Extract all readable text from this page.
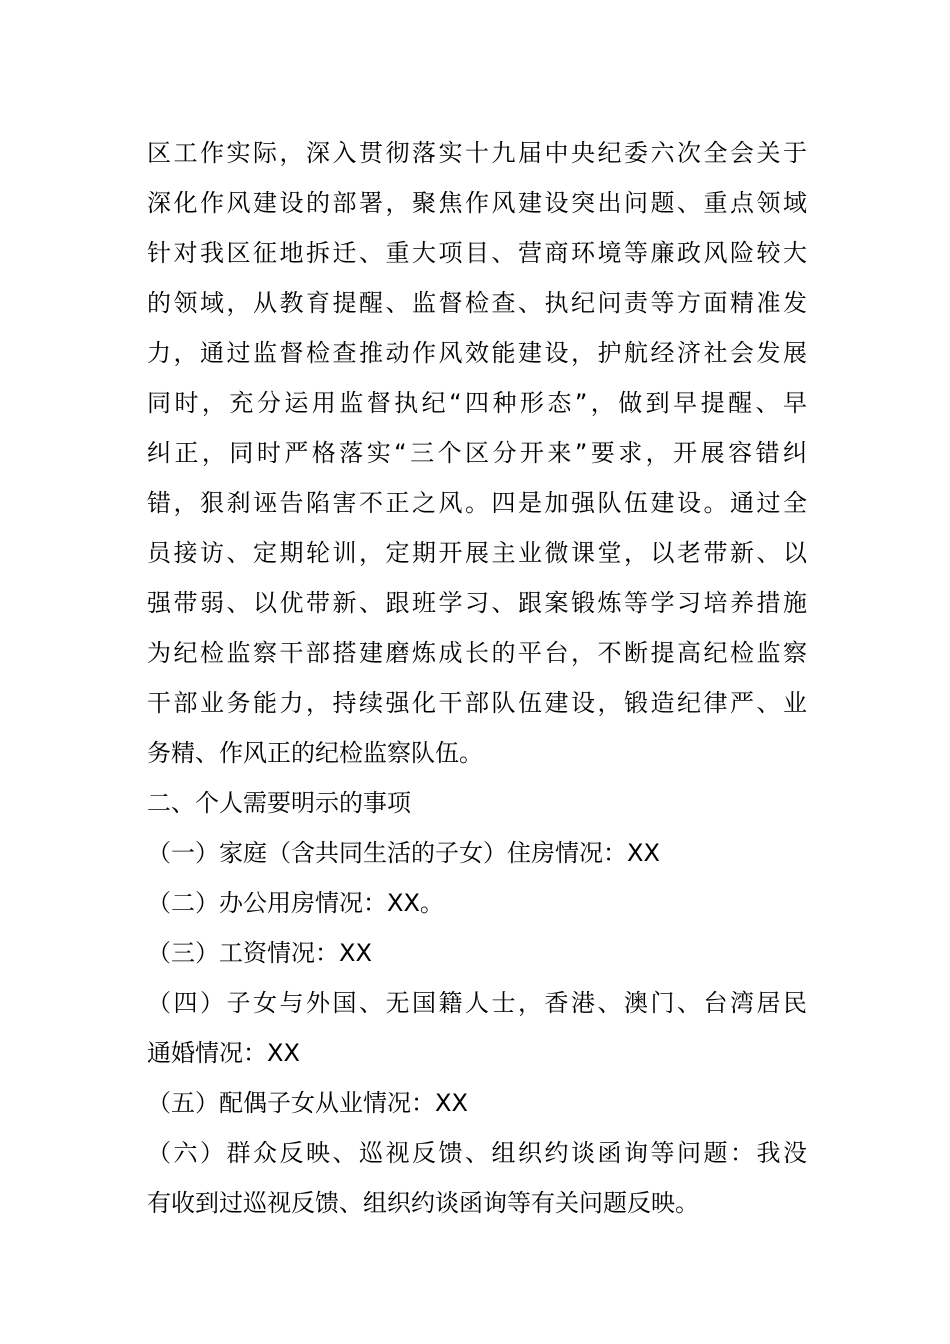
区工作实际，深入贯彻落实十九届中央纪委六次全会关于
深化作风建设的部署，聚焦作风建设突出问题、重点领域
针对我区征地拆迁、重大项目、营商环境等廉政风险较大
的领域，从教育提醒、监督检查、执纪问责等方面精准发
力，通过监督检查推动作风效能建设，护航经济社会发展
同时，充分运用监督执纪“四种形态”，做到早提醒、早
纠正，同时严格落实“三个区分开来”要求，开展容错纠
错，狠刹诬告陷害不正之风。四是加强队伍建设。通过全
员接访、定期轮训，定期开展主业微课堂，以老带新、以
强带弱、以优带新、跟班学习、跟案锻炼等学习培养措施
为纪检监察干部搭建磨炼成长的平台，不断提高纪检监察
干部业务能力，持续强化干部队伍建设，锻造纪律严、业
务精、作风正的纪检监察队伍。
二、个人需要明示的事项
（一）家庭（含共同生活的子女）住房情况：XX
（二）办公用房情况：XX。
（三）工资情况：XX
（四）子女与外国、无国籍人士，香港、澳门、台湾居民
通婚情况：XX
（五）配偶子女从业情况：XX
（六）群众反映、巡视反馈、组织约谈函询等问题：我没
有收到过巡视反馈、组织约谈函询等有关问题反映。
